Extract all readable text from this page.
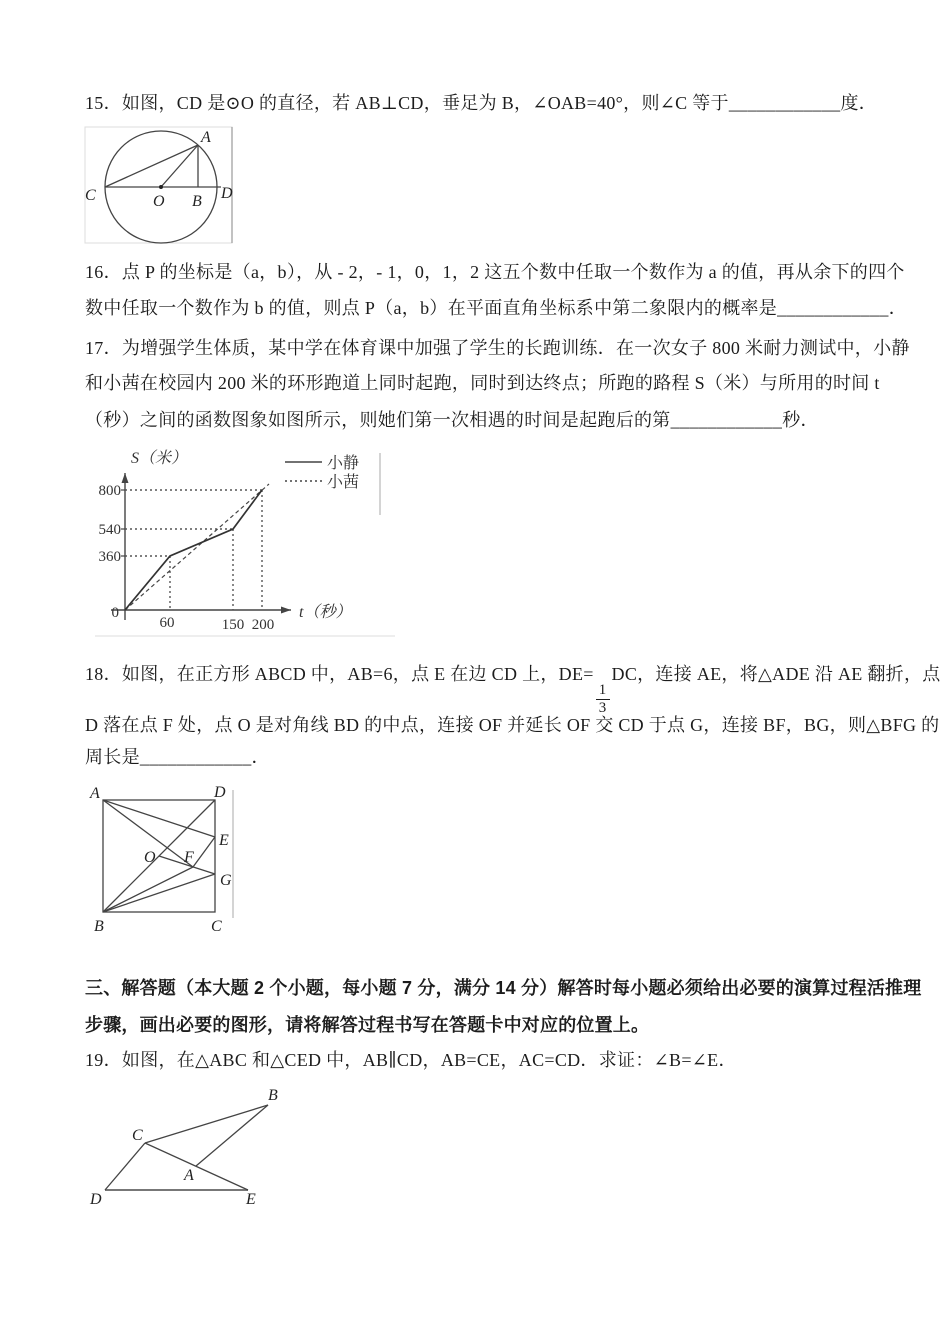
15．如图，CD 是⊙O 的直径，若 AB⊥CD，垂足为 B，∠OAB=40°，则∠C 等于____________度．
C	O B D
A
16．点 P 的坐标是（a，b），从 - 2，- 1，0，1，2 这五个数中任取一个数作为 a 的值，再从余下的四个
数中任取一个数作为 b 的值，则点 P（a，b）在平面直角坐标系中第二象限内的概率是____________．
17．为增强学生体质，某中学在体育课中加强了学生的长跑训练．在一次女子 800 米耐力测试中，小静
和小茜在校园内 200 米的环形跑道上同时起跑，同时到达终点；所跑的路程 S（米）与所用的时间 t
（秒）之间的函数图象如图所示，则她们第一次相遇的时间是起跑后的第____________秒．
S（米）
t（秒）
800
540
360
0
60	150 200
小静
小茜
18．如图，在正方形 ABCD 中，AB=6，点 E 在边 CD 上，DE=
$\frac{1}{3}$
DC，连接 AE，将△ADE 沿 AE 翻折，点
D 落在点 F 处，点 O 是对角线 BD 的中点，连接 OF 并延长 OF 交 CD 于点 G，连接 BF，BG，则△BFG 的
周长是____________．
A	D
B	C
E
G
O F
三、解答题（本大题 2 个小题，每小题 7 分，满分 14 分）解答时每小题必须给出必要的演算过程活推理
步骤，画出必要的图形，请将解答过程书写在答题卡中对应的位置上。
19．如图，在△ABC 和△CED 中，AB∥CD，AB=CE，AC=CD．求证：∠B=∠E．
D	E
C
B
A
